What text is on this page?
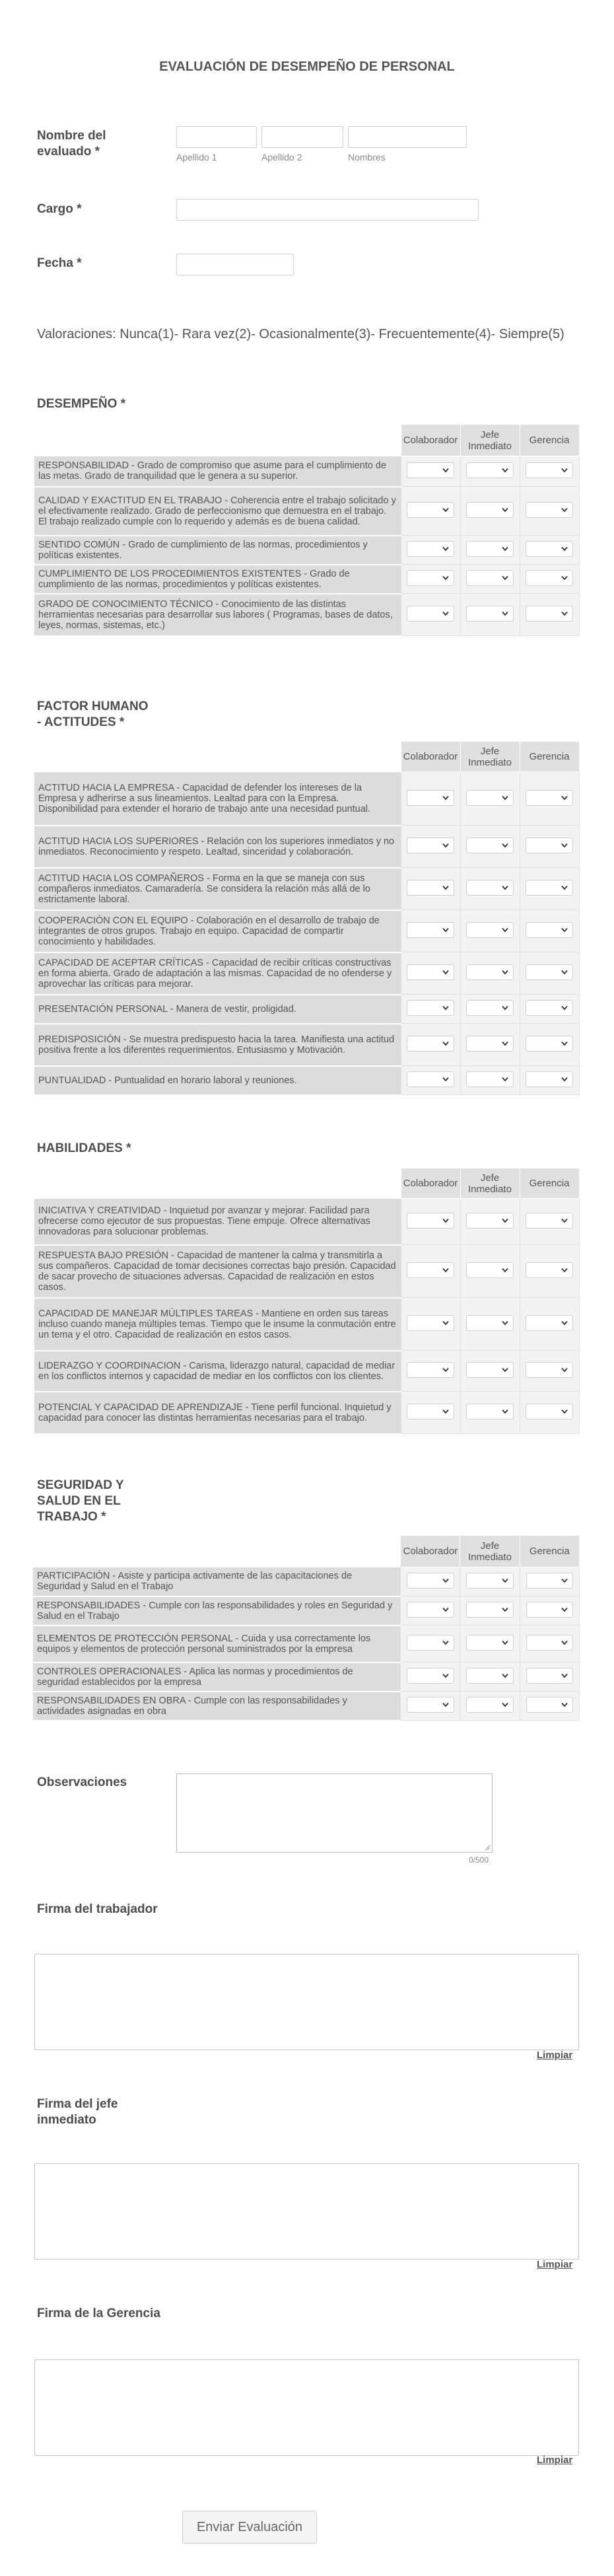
EVALUACIÓN DE DESEMPEÑO DE PERSONAL
Nombre del evaluado *	Apellido 1	Apellido 2	Nombres
Cargo *
Fecha *
Valoraciones: Nunca(1)- Rara vez(2)- Ocasionalmente(3)- Frecuentemente(4)- Siempre(5)
DESEMPEÑO *
	Colaborador	Jefe Inmediato	Gerencia
RESPONSABILIDAD - Grado de compromiso que asume para el cumplimiento de las metas. Grado de tranquilidad que le genera a su superior.	

CALIDAD Y EXACTITUD EN EL TRABAJO - Coherencia entre el trabajo solicitado y el efectivamente realizado. Grado de perfeccionismo que demuestra en el trabajo. El trabajo realizado cumple con lo requerido y además es de buena calidad.	

SENTIDO COMÚN - Grado de cumplimiento de las normas, procedimientos y políticas existentes.	

CUMPLIMIENTO DE LOS PROCEDIMIENTOS EXISTENTES - Grado de cumplimiento de las normas, procedimientos y políticas existentes.	

GRADO DE CONOCIMIENTO TÉCNICO - Conocimiento de las distintas herramientas necesarias para desarrollar sus labores ( Programas, bases de datos, leyes, normas, sistemas, etc.)	

FACTOR HUMANO - ACTITUDES *
	Colaborador	Jefe Inmediato	Gerencia
ACTITUD HACIA LA EMPRESA - Capacidad de defender los intereses de la Empresa y adherirse a sus lineamientos. Lealtad para con la Empresa. Disponibilidad para extender el horario de trabajo ante una necesidad puntual.	

ACTITUD HACIA LOS SUPERIORES - Relación con los superiores inmediatos y no inmediatos. Reconocimiento y respeto. Lealtad, sinceridad y colaboración.	

ACTITUD HACIA LOS COMPAÑEROS - Forma en la que se maneja con sus compañeros inmediatos. Camaradería. Se considera la relación más allá de lo estrictamente laboral.	

COOPERACIÓN CON EL EQUIPO - Colaboración en el desarrollo de trabajo de integrantes de otros grupos. Trabajo en equipo. Capacidad de compartir conocimiento y habilidades.	

CAPACIDAD DE ACEPTAR CRÍTICAS - Capacidad de recibir críticas constructivas en forma abierta. Grado de adaptación a las mismas. Capacidad de no ofenderse y aprovechar las críticas para mejorar.	

PRESENTACIÓN PERSONAL - Manera de vestir, proligidad.	

PREDISPOSICIÓN - Se muestra predispuesto hacia la tarea. Manifiesta una actitud positiva frente a los diferentes requerimientos. Entusiasmo y Motivación.	

PUNTUALIDAD - Puntualidad en horario laboral y reuniones.	

HABILIDADES *
	Colaborador	Jefe Inmediato	Gerencia
INICIATIVA Y CREATIVIDAD - Inquietud por avanzar y mejorar. Facilidad para ofrecerse como ejecutor de sus propuestas. Tiene empuje. Ofrece alternativas innovadoras para solucionar problemas.	

RESPUESTA BAJO PRESIÓN - Capacidad de mantener la calma y transmitirla a sus compañeros. Capacidad de tomar decisiones correctas bajo presión. Capacidad de sacar provecho de situaciones adversas. Capacidad de realización en estos casos.	

CAPACIDAD DE MANEJAR MÚLTIPLES TAREAS - Mantiene en orden sus tareas incluso cuando maneja múltiples temas. Tiempo que le insume la conmutación entre un tema y el otro. Capacidad de realización en estos casos.	

LIDERAZGO Y COORDINACION - Carisma, liderazgo natural, capacidad de mediar en los conflictos internos y capacidad de mediar en los conflictos con los clientes.	

POTENCIAL Y CAPACIDAD DE APRENDIZAJE - Tiene perfil funcional. Inquietud y capacidad para conocer las distintas herramientas necesarias para el trabajo.	

SEGURIDAD Y SALUD EN EL TRABAJO *
	Colaborador	Jefe Inmediato	Gerencia
PARTICIPACIÓN - Asiste y participa activamente de las capacitaciones de Seguridad y Salud en el Trabajo	

RESPONSABILIDADES - Cumple con las responsabilidades y roles en Seguridad y Salud en el Trabajo	

ELEMENTOS DE PROTECCIÓN PERSONAL - Cuida y usa correctamente los equipos y elementos de protección personal suministrados por la empresa	

CONTROLES OPERACIONALES - Aplica las normas y procedimientos de seguridad establecidos por la empresa	

RESPONSABILIDADES EN OBRA - Cumple con las responsabilidades y actividades asignadas en obra	

Observaciones
0/500
Firma del trabajador
Limpiar
Firma del jefe inmediato
Limpiar
Firma de la Gerencia
Limpiar
Enviar Evaluación
